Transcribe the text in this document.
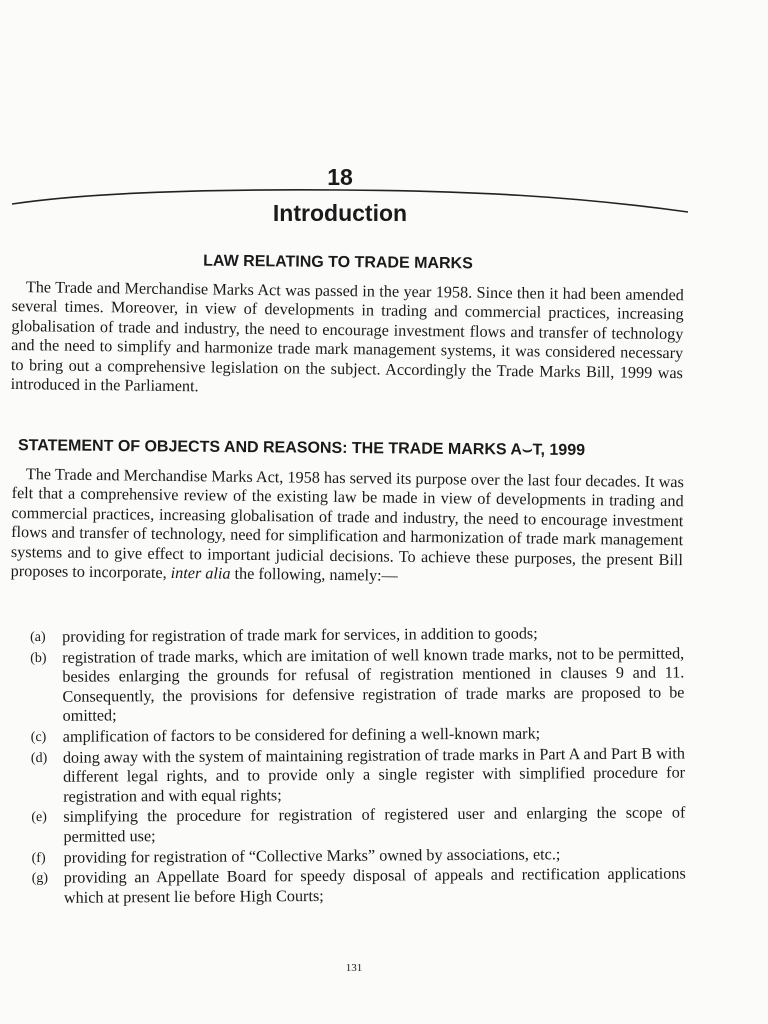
18
Introduction
LAW RELATING TO TRADE MARKS

The Trade and Merchandise Marks Act was passed in the year 1958. Since then it had been amended several times. Moreover, in view of developments in trading and commercial practices, increasing globalisation of trade and industry, the need to encourage investment flows and transfer of technology and the need to simplify and harmonize trade mark management systems, it was considered necessary to bring out a comprehensive legislation on the subject. Accordingly the Trade Marks Bill, 1999 was introduced in the Parliament.

STATEMENT OF OBJECTS AND REASONS: THE TRADE MARKS A⌣T, 1999

The Trade and Merchandise Marks Act, 1958 has served its purpose over the last four decades. It was felt that a comprehensive review of the existing law be made in view of developments in trading and commercial practices, increasing globalisation of trade and industry, the need to encourage investment flows and transfer of technology, need for simplification and harmonization of trade mark management systems and to give effect to important judicial decisions. To achieve these purposes, the present Bill proposes to incorporate, inter alia the following, namely:—

(a) providing for registration of trade mark for services, in addition to goods;
(b) registration of trade marks, which are imitation of well known trade marks, not to be permitted, besides enlarging the grounds for refusal of registration mentioned in clauses 9 and 11. Consequently, the provisions for defensive registration of trade marks are proposed to be omitted;
(c) amplification of factors to be considered for defining a well-known mark;
(d) doing away with the system of maintaining registration of trade marks in Part A and Part B with different legal rights, and to provide only a single register with simplified procedure for registration and with equal rights;
(e) simplifying the procedure for registration of registered user and enlarging the scope of permitted use;
(f) providing for registration of “Collective Marks” owned by associations, etc.;
(g) providing an Appellate Board for speedy disposal of appeals and rectification applications which at present lie before High Courts;
131
